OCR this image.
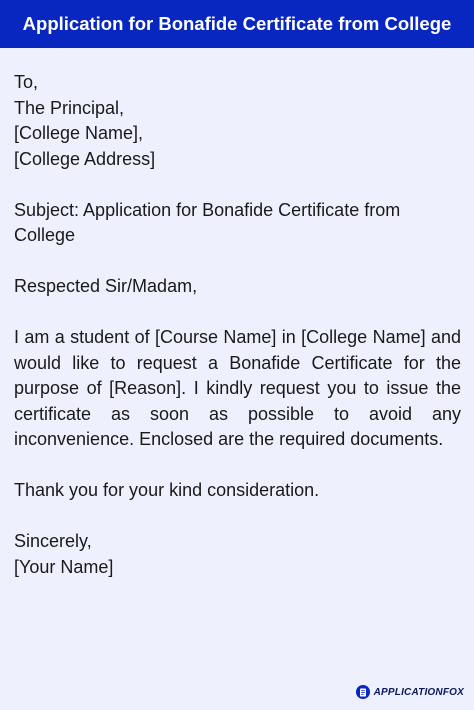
Application for Bonafide Certificate from College
To,
The Principal,
[College Name],
[College Address]
Subject: Application for Bonafide Certificate from College
Respected Sir/Madam,
I am a student of [Course Name] in [College Name] and would like to request a Bonafide Certificate for the purpose of [Reason]. I kindly request you to issue the certificate as soon as possible to avoid any inconvenience. Enclosed are the required documents.
Thank you for your kind consideration.
Sincerely,
[Your Name]
APPLICATIONFOX
